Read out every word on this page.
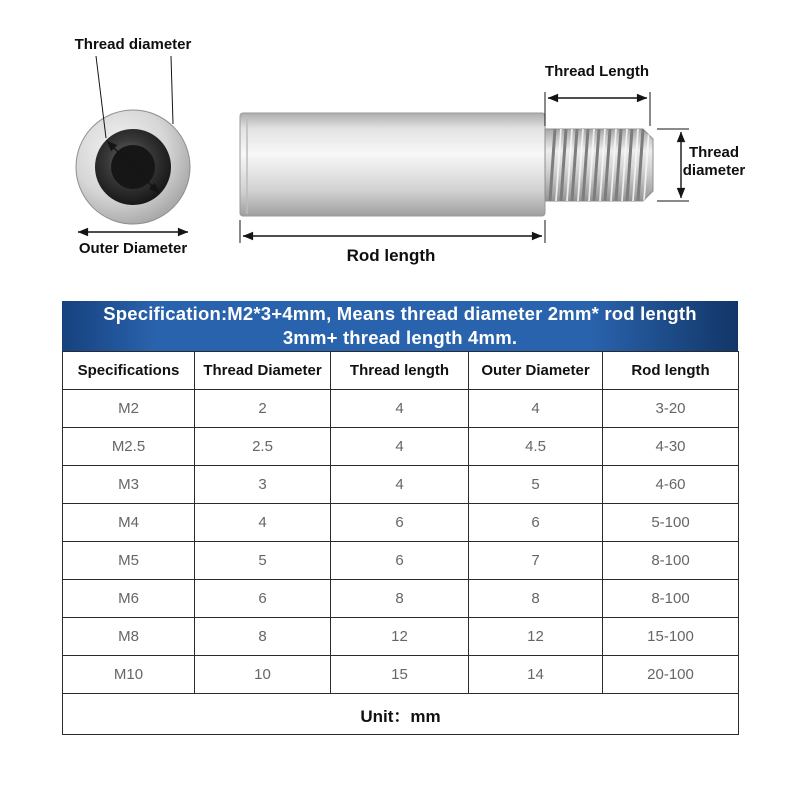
Thread diameter
Outer Diameter
Thread Length
Thread
diameter
Rod length
Specification:M2*3+4mm, Means thread diameter 2mm* rod length
3mm+ thread length 4mm.
Specifications	Thread Diameter	Thread length	Outer Diameter	Rod length
M2	2	4	4	3-20
M2.5	2.5	4	4.5	4-30
M3	3	4	5	4-60
M4	4	6	6	5-100
M5	5	6	7	8-100
M6	6	8	8	8-100
M8	8	12	12	15-100
M10	10	15	14	20-100
Unit：mm				
